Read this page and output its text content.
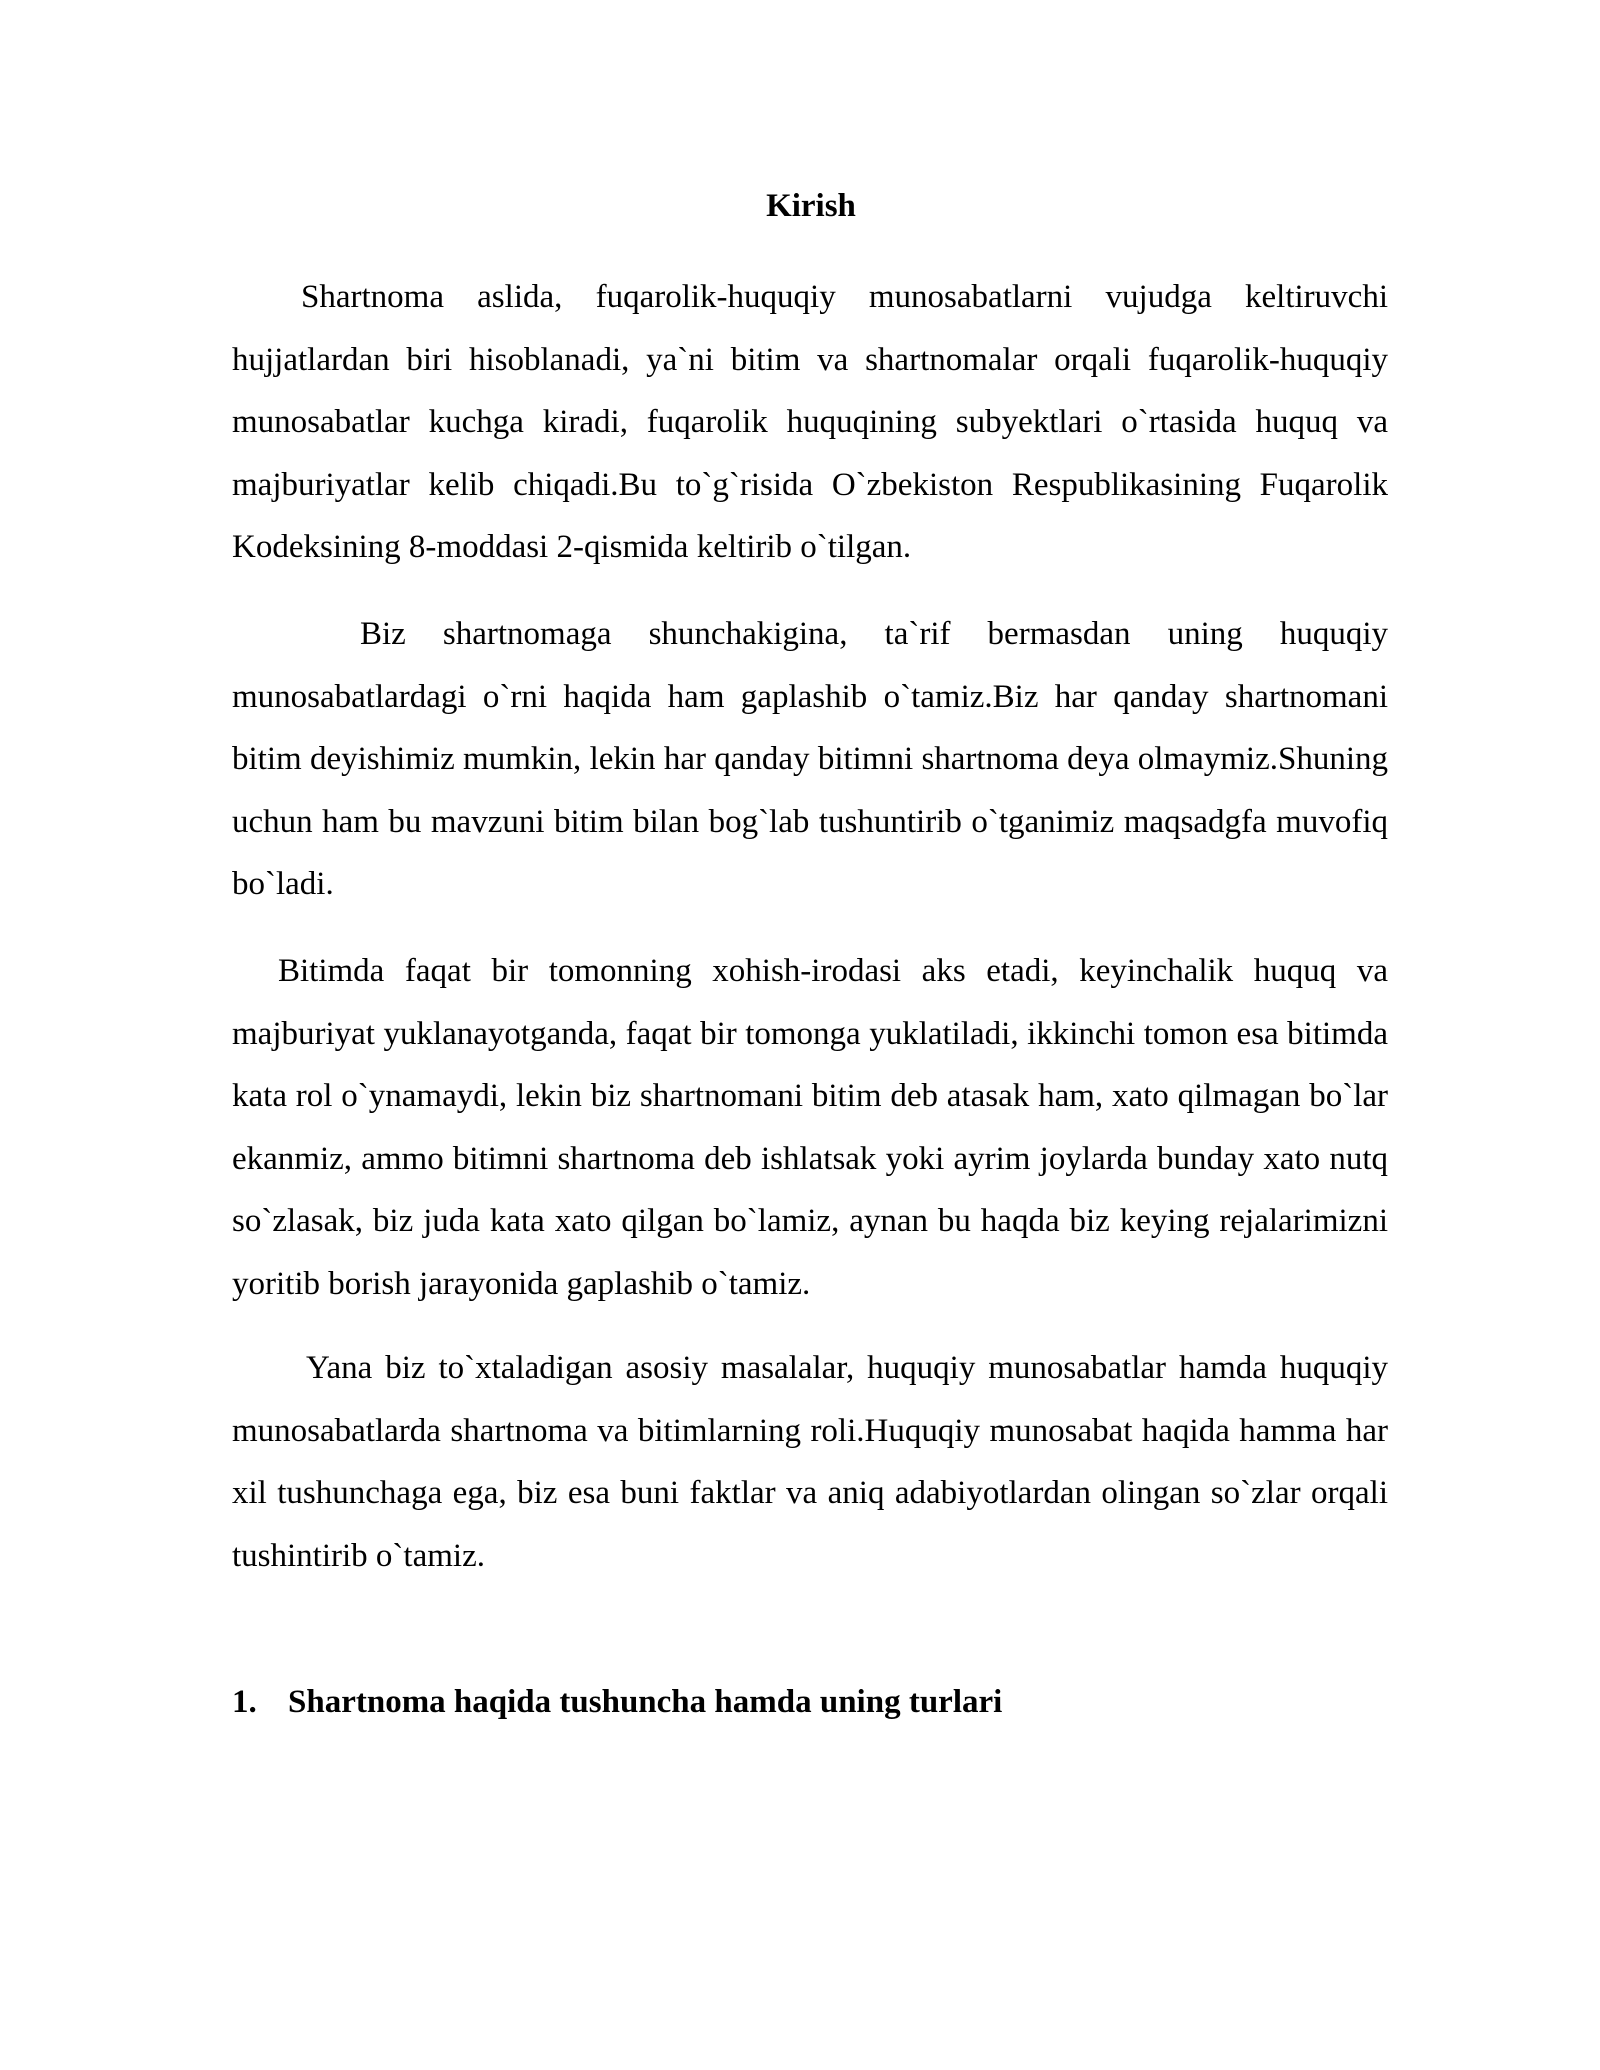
Kirish

Shartnoma aslida, fuqarolik-huquqiy munosabatlarni vujudga keltiruvchi hujjatlardan biri hisoblanadi, ya`ni bitim va shartnomalar orqali fuqarolik-huquqiy munosabatlar kuchga kiradi, fuqarolik huquqining subyektlari o`rtasida huquq va majburiyatlar kelib chiqadi.Bu to`g`risida O`zbekiston Respublikasining Fuqarolik Kodeksining 8-moddasi 2-qismida keltirib o`tilgan.

Biz shartnomaga shunchakigina, ta`rif bermasdan uning huquqiy munosabatlardagi o`rni haqida ham gaplashib o`tamiz.Biz har qanday shartnomani bitim deyishimiz mumkin, lekin har qanday bitimni shartnoma deya olmaymiz.Shuning uchun ham bu mavzuni bitim bilan bog`lab tushuntirib o`tganimiz maqsadgfa muvofiq bo`ladi.

Bitimda faqat bir tomonning xohish-irodasi aks etadi, keyinchalik huquq va majburiyat yuklanayotganda, faqat bir tomonga yuklatiladi, ikkinchi tomon esa bitimda kata rol o`ynamaydi, lekin biz shartnomani bitim deb atasak ham, xato qilmagan bo`lar ekanmiz, ammo bitimni shartnoma deb ishlatsak yoki ayrim joylarda bunday xato nutq so`zlasak, biz juda kata xato qilgan bo`lamiz, aynan bu haqda biz keying rejalarimizni yoritib borish jarayonida gaplashib o`tamiz.

Yana biz to`xtaladigan asosiy masalalar, huquqiy munosabatlar hamda huquqiy munosabatlarda shartnoma va bitimlarning roli.Huquqiy munosabat haqida hamma har xil tushunchaga ega, biz esa buni faktlar va aniq adabiyotlardan olingan so`zlar orqali tushintirib o`tamiz.

1. Shartnoma haqida tushuncha hamda uning turlari
